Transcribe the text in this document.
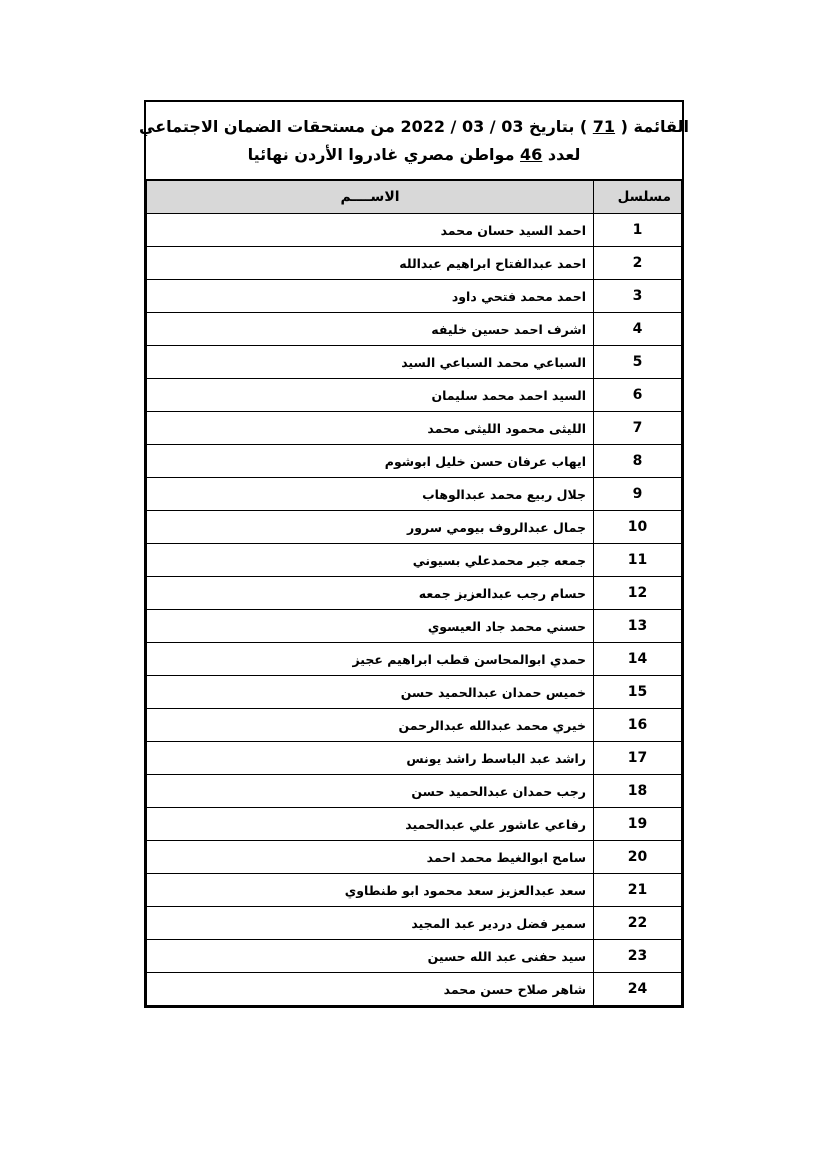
القائمة ( 71 ) بتاريخ 03 / 03 / 2022 من مستحقات الضمان الاجتماعي
لعدد 46 مواطن مصري غادروا الأردن نهائيا
مسلسل	الاســــم
1	احمد السيد حسان محمد
2	احمد عبدالفتاح ابراهيم عبدالله
3	احمد محمد فتحي داود
4	اشرف احمد حسين خليفه
5	السباعي محمد السباعي السيد
6	السيد احمد محمد سليمان
7	الليثى محمود الليثى محمد
8	ايهاب عرفان حسن خليل ابوشوم
9	جلال ربيع محمد عبدالوهاب
10	جمال عبدالروف بيومي سرور
11	جمعه جبر محمدعلي بسيوني
12	حسام رجب عبدالعزيز جمعه
13	حسني محمد جاد العيسوي
14	حمدي ابوالمحاسن قطب ابراهيم عجيز
15	خميس حمدان عبدالحميد حسن
16	خيري محمد عبدالله عبدالرحمن
17	راشد عبد الباسط راشد يونس
18	رجب حمدان عبدالحميد حسن
19	رفاعي عاشور علي عبدالحميد
20	سامح ابوالغيط محمد احمد
21	سعد عبدالعزيز سعد محمود ابو طنطاوي
22	سمير فضل دردير عبد المجيد
23	سيد حفنى عبد الله حسين
24	شاهر صلاح حسن محمد
